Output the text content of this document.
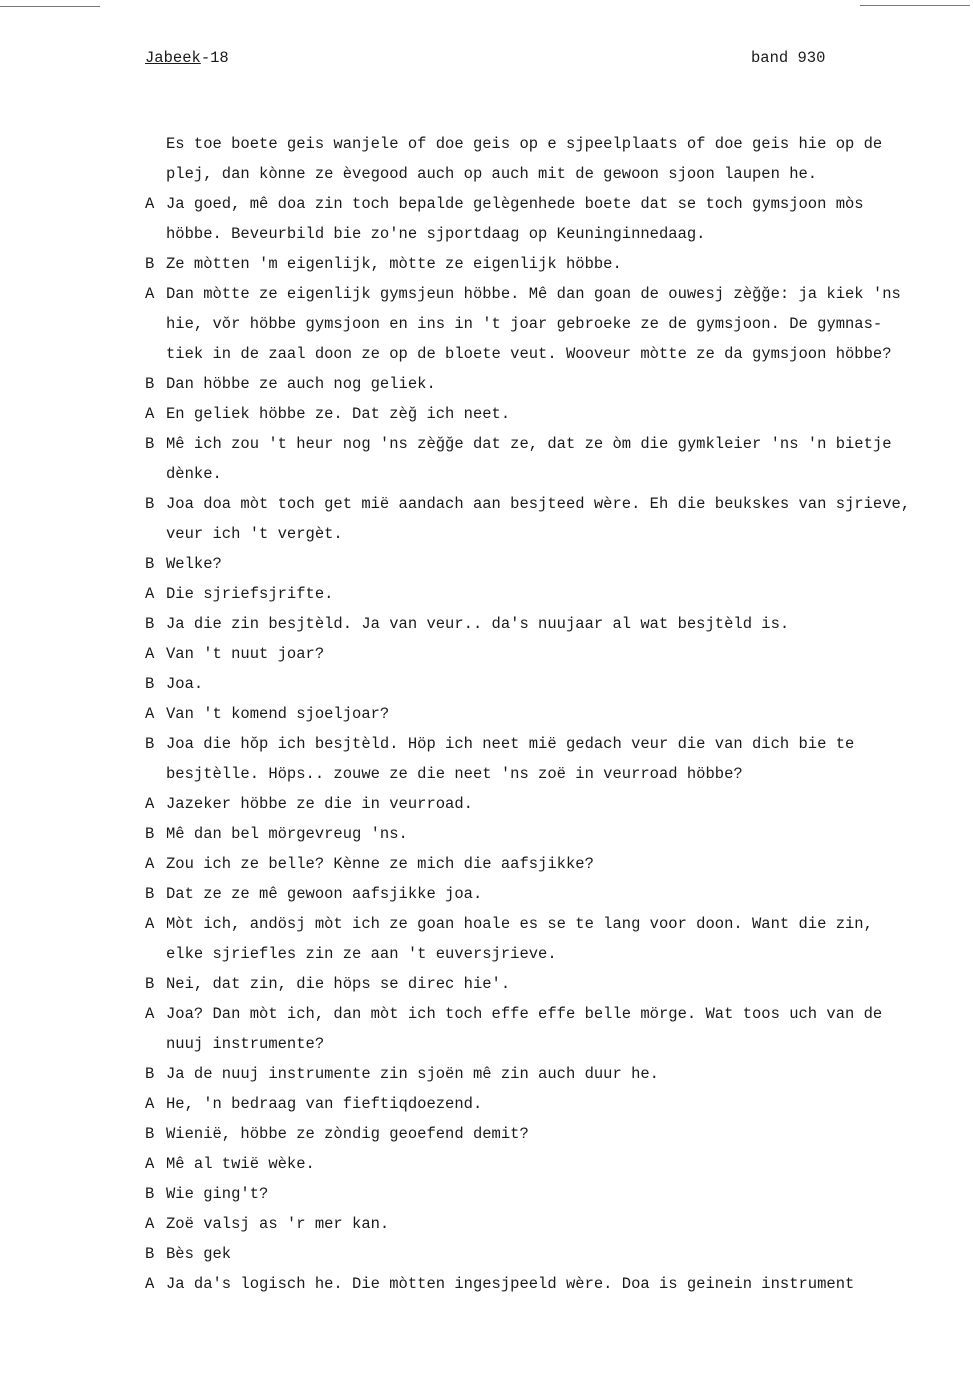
Jabeek-18	band 930
Es toe boete geis wanjele of doe geis op e sjpeelplaats of doe geis hie op de
plej, dan kònne ze èvegood auch op auch mit de gewoon sjoon laupen he.
A Ja goed, mê doa zin toch bepalde gelègenhede boete dat se toch gymsjoon mòs
höbbe. Beveurbild bie zo'ne sjportdaag op Keuninginnedaag.
B Ze mòtten 'm eigenlijk, mòtte ze eigenlijk höbbe.
A Dan mòtte ze eigenlijk gymsjeun höbbe. Mê dan goan de ouwesj zèğğe: ja kiek 'ns
hie, vŏr höbbe gymsjoon en ins in 't joar gebroeke ze de gymsjoon. De gymnas-
tiek in de zaal doon ze op de bloete veut. Wooveur mòtte ze da gymsjoon höbbe?
B Dan höbbe ze auch nog geliek.
A En geliek höbbe ze. Dat zèğ ich neet.
B Mê ich zou 't heur nog 'ns zèğğe dat ze, dat ze òm die gymkleier 'ns 'n bietje
dènke.
B Joa doa mòt toch get mië aandach aan besjteed wère. Eh die beukskes van sjrieve,
veur ich 't vergèt.
B Welke?
A Die sjriefsjrifte.
B Ja die zin besjtèld. Ja van veur.. da's nuujaar al wat besjtèld is.
A Van 't nuut joar?
B Joa.
A Van 't komend sjoeljoar?
B Joa die hŏp ich besjtèld. Höp ich neet mië gedach veur die van dich bie te
besjtèlle. Höps.. zouwe ze die neet 'ns zoë in veurroad höbbe?
A Jazeker höbbe ze die in veurroad.
B Mê dan bel mörgevreug 'ns.
A Zou ich ze belle? Kènne ze mich die aafsjikke?
B Dat ze ze mê gewoon aafsjikke joa.
A Mòt ich, andösj mòt ich ze goan hoale es se te lang voor doon. Want die zin,
elke sjriefles zin ze aan 't euversjrieve.
B Nei, dat zin, die höps se direc hie'.
A Joa? Dan mòt ich, dan mòt ich toch effe effe belle mörge. Wat toos uch van de
nuuj instrumente?
B Ja de nuuj instrumente zin sjoën mê zin auch duur he.
A He, 'n bedraag van fieftiqdoezend.
B Wienië, höbbe ze zòndig geoefend demit?
A Mê al twië wèke.
B Wie ging't?
A Zoë valsj as 'r mer kan.
B Bès gek
A Ja da's logisch he. Die mòtten ingesjpeeld wère. Doa is geinein instrument
